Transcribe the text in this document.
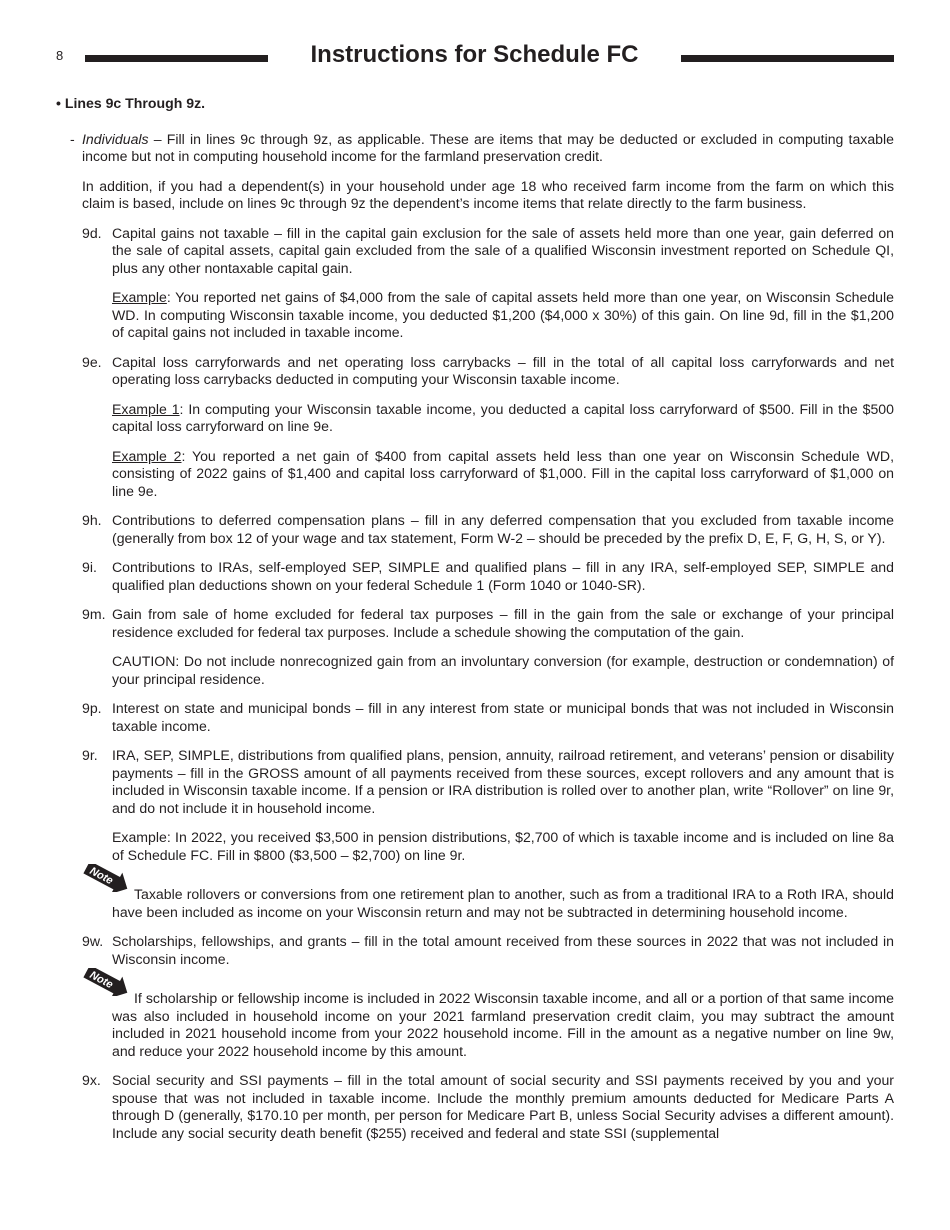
8	Instructions for Schedule FC
• Lines 9c Through 9z.
- Individuals – Fill in lines 9c through 9z, as applicable. These are items that may be deducted or excluded in computing taxable income but not in computing household income for the farmland preservation credit.
In addition, if you had a dependent(s) in your household under age 18 who received farm income from the farm on which this claim is based, include on lines 9c through 9z the dependent’s income items that relate directly to the farm business.
9d. Capital gains not taxable – fill in the capital gain exclusion for the sale of assets held more than one year, gain deferred on the sale of capital assets, capital gain excluded from the sale of a qualified Wisconsin investment reported on Schedule QI, plus any other nontaxable capital gain.
Example: You reported net gains of $4,000 from the sale of capital assets held more than one year, on Wisconsin Schedule WD. In computing Wisconsin taxable income, you deducted $1,200 ($4,000 x 30%) of this gain. On line 9d, fill in the $1,200 of capital gains not included in taxable income.
9e. Capital loss carryforwards and net operating loss carrybacks – fill in the total of all capital loss carryforwards and net operating loss carrybacks deducted in computing your Wisconsin taxable income.
Example 1: In computing your Wisconsin taxable income, you deducted a capital loss carryforward of $500. Fill in the $500 capital loss carryforward on line 9e.
Example 2: You reported a net gain of $400 from capital assets held less than one year on Wisconsin Schedule WD, consisting of 2022 gains of $1,400 and capital loss carryforward of $1,000. Fill in the capital loss carryforward of $1,000 on line 9e.
9h. Contributions to deferred compensation plans – fill in any deferred compensation that you excluded from taxable income (generally from box 12 of your wage and tax statement, Form W-2 – should be preceded by the prefix D, E, F, G, H, S, or Y).
9i.	Contributions to IRAs, self-employed SEP, SIMPLE and qualified plans – fill in any IRA, self-employed SEP, SIMPLE and qualified plan deductions shown on your federal Schedule 1 (Form 1040 or 1040-SR).
9m. Gain from sale of home excluded for federal tax purposes – fill in the gain from the sale or exchange of your principal residence excluded for federal tax purposes. Include a schedule showing the computation of the gain.
CAUTION: Do not include nonrecognized gain from an involuntary conversion (for example, destruction or condemnation) of your principal residence.
9p. Interest on state and municipal bonds – fill in any interest from state or municipal bonds that was not included in Wisconsin taxable income.
9r.	IRA, SEP, SIMPLE, distributions from qualified plans, pension, annuity, railroad retirement, and veterans’ pension or disability payments – fill in the GROSS amount of all payments received from these sources, except rollovers and any amount that is included in Wisconsin taxable income. If a pension or IRA distribution is rolled over to another plan, write “Rollover” on line 9r, and do not include it in household income.
Example: In 2022, you received $3,500 in pension distributions, $2,700 of which is taxable income and is included on line 8a of Schedule FC. Fill in $800 ($3,500 – $2,700) on line 9r.
Note
Taxable rollovers or conversions from one retirement plan to another, such as from a traditional IRA to a Roth IRA, should have been included as income on your Wisconsin return and may not be subtracted in determining household income.
9w. Scholarships, fellowships, and grants – fill in the total amount received from these sources in 2022 that was not included in Wisconsin income.
Note
If scholarship or fellowship income is included in 2022 Wisconsin taxable income, and all or a portion of that same income was also included in household income on your 2021 farmland preservation credit claim, you may subtract the amount included in 2021 household income from your 2022 household income. Fill in the amount as a negative number on line 9w, and reduce your 2022 household income by this amount.
9x. Social security and SSI payments – fill in the total amount of social security and SSI payments received by you and your spouse that was not included in taxable income. Include the monthly premium amounts deducted for Medicare Parts A through D (generally, $170.10 per month, per person for Medicare Part B, unless Social Security advises a different amount). Include any social security death benefit ($255) received and federal and state SSI (supplemental
